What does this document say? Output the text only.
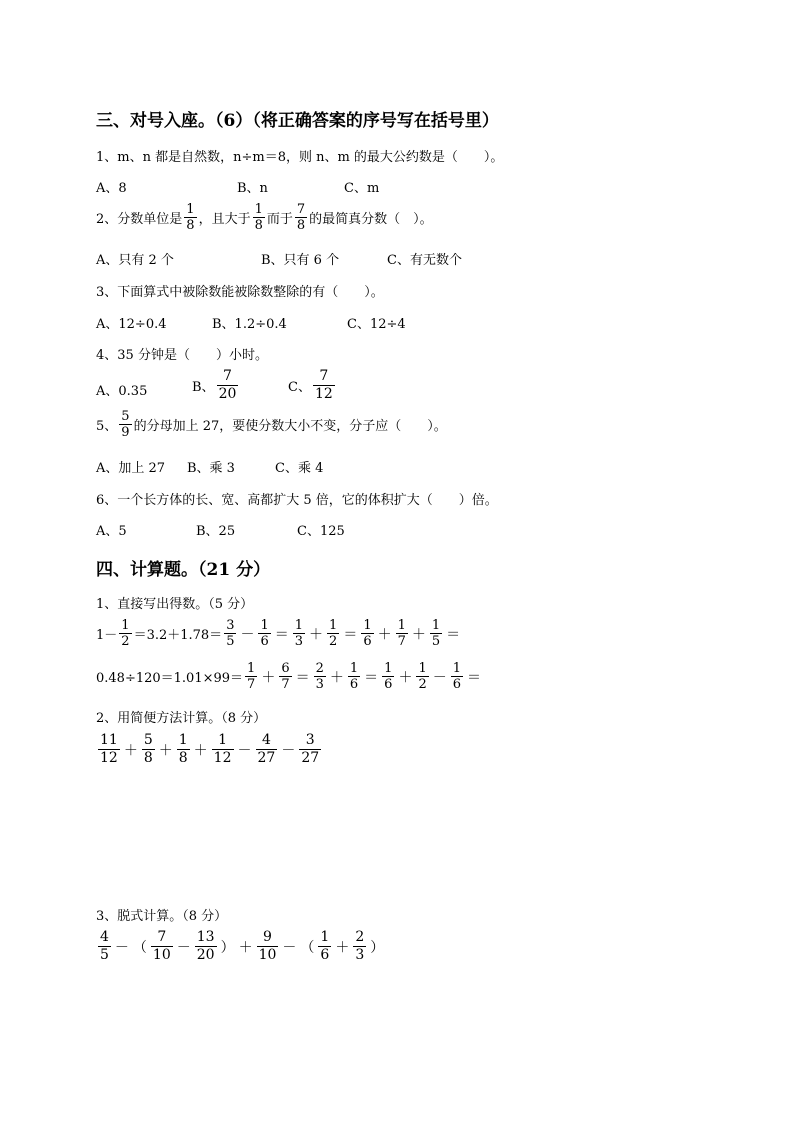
三、对号入座。（6）（将正确答案的序号写在括号里）
1、m、n 都是自然数，n÷m＝8，则 n、m 的最大公约数是（　　）。
A、8	B、n	C、m
2、分数单位是 $\frac{1}{8}$ ，且大于 $\frac{1}{8}$ 而于 $\frac{7}{8}$ 的最简真分数（　）。
A、只有 2 个	B、只有 6 个	C、有无数个
3、下面算式中被除数能被除数整除的有（　　）。
A、12÷0.4	B、1.2÷0.4	C、12÷4
4、35 分钟是（　　）小时。
A、0.35	B、 $\frac{7}{20}$	C、 $\frac{7}{12}$
5、 $\frac{5}{9}$ 的分母加上 27，要使分数大小不变，分子应（　　）。
A、加上 27 B、乘 3	C、乘 4
6、一个长方体的长、宽、高都扩大 5 倍，它的体积扩大（　　）倍。
A、5	B、25	C、125
四、计算题。（21 分）
1、直接写出得数。（5 分）
$1- \frac{1}{2} =3.2+1.78= \frac{3}{5} - \frac{1}{6} = \frac{1}{3} + \frac{1}{2} = \frac{1}{6} + \frac{1}{7} + \frac{1}{5}$ ＝
$0.48\div 120=1.01\times 99= \frac{1}{7} + \frac{6}{7} = \frac{2}{3} + \frac{1}{6} = \frac{1}{6} + \frac{1}{2} - \frac{1}{6}$ ＝
2、用简便方法计算。（8 分）
$\frac{11}{12} + \frac{5}{8} + \frac{1}{8} + \frac{1}{12} - \frac{4}{27} - \frac{3}{27}$
3、脱式计算。（8 分）
$\frac{4}{5}$ － （ $\frac{7}{10} - \frac{13}{20}$ ） ＋ $\frac{9}{10}$ － （ $\frac{1}{6} + \frac{2}{3}$ ）
